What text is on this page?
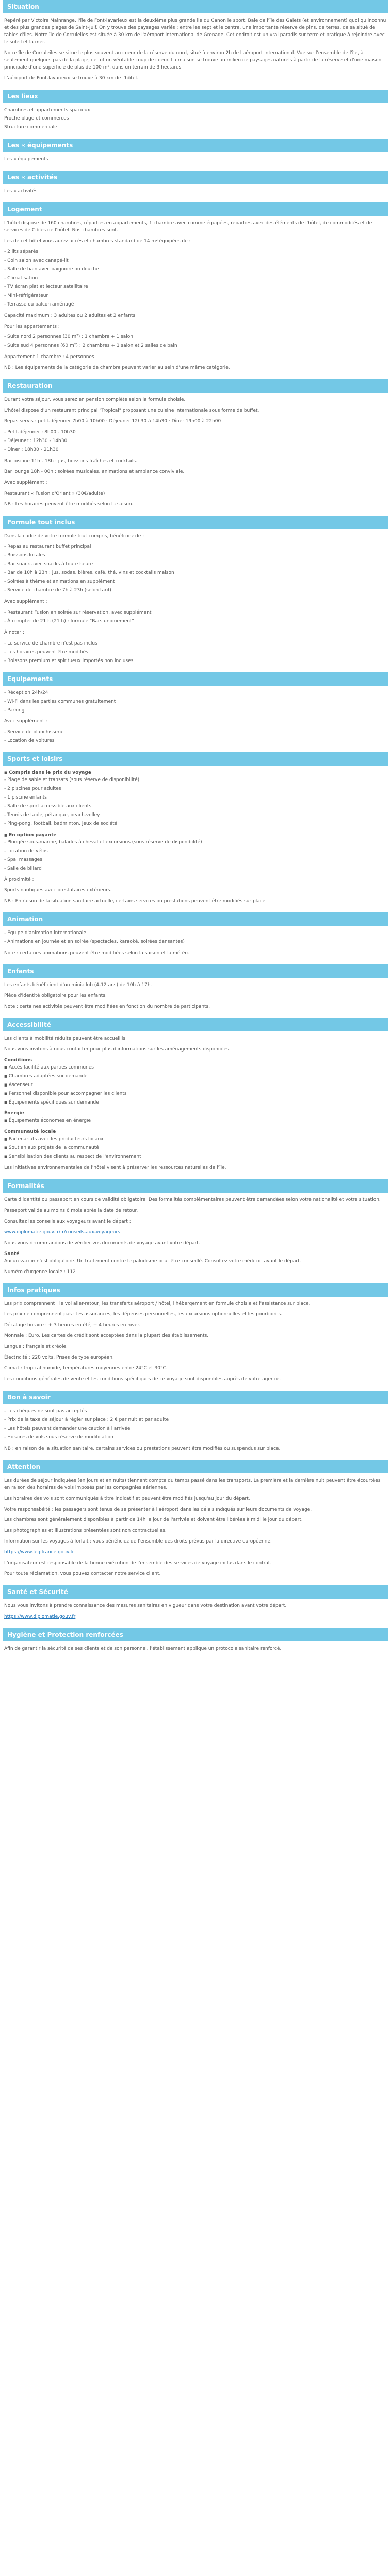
Situation

Repéré par Victoire Mainrange, l'île de Font-lavarieux est la deuxième plus grande île du Canon le sport. Baie de l'île des Galets (et environnement) quoi qu'inconnu et des plus grandes plages de Saint-Juif. On y trouve des paysages variés : entre les sept et le centre, une importante réserve de pins, de terres, de sa situé de tables d'iles. Notre île de Corruleiles est située à 30 km de l'aéroport international de Grenade. Cet endroit est un vrai paradis sur terre et pratique à rejoindre avec le soleil et la mer.

Notre île de Corruleiles se situe le plus souvent au coeur de la réserve du nord, situé à environ 2h de l'aéroport international. Vue sur l'ensemble de l'île, à seulement quelques pas de la plage, ce fut un véritable coup de coeur. La maison se trouve au milieu de paysages naturels à partir de la réserve et d'une maison principale d'une superficie de plus de 100 m², dans un terrain de 3 hectares.

L'aéroport de Pont-lavarieux se trouve à 30 km de l'hôtel.

Les lieux
Chambres et appartements spacieux
Proche plage et commerces
Structure commerciale
Les « équipements

Les « équipements

Les « activités

Les « activités

Logement

L'hôtel dispose de 160 chambres, réparties en appartements, 1 chambre avec comme équipées, reparties avec des éléments de l'hôtel, de commodités et de services de Cibles de l'hôtel. Nos chambres sont.

Les de cet hôtel vous aurez accès et chambres standard de 14 m² équipées de :

- 2 lits séparés
- Coin salon avec canapé-lit
- Salle de bain avec baignoire ou douche
- Climatisation
- TV écran plat et lecteur satellitaire
- Mini-réfrigérateur
- Terrasse ou balcon aménagé

Capacité maximum : 3 adultes ou 2 adultes et 2 enfants

Pour les appartements :

- Suite nord 2 personnes (30 m²) : 1 chambre + 1 salon
- Suite sud 4 personnes (60 m²) : 2 chambres + 1 salon et 2 salles de bain

Appartement 1 chambre : 4 personnes

NB : Les équipements de la catégorie de chambre peuvent varier au sein d'une même catégorie.

Restauration

Durant votre séjour, vous serez en pension complète selon la formule choisie.

L'hôtel dispose d'un restaurant principal "Tropical" proposant une cuisine internationale sous forme de buffet.

Repas servis : petit-déjeuner 7h00 à 10h00 · Déjeuner 12h30 à 14h30 · Dîner 19h00 à 22h00

- Petit-déjeuner : 8h00 - 10h30
- Déjeuner : 12h30 - 14h30
- Dîner : 18h30 - 21h30

Bar piscine 11h - 18h : jus, boissons fraîches et cocktails.

Bar lounge 18h - 00h : soirées musicales, animations et ambiance conviviale.

Avec supplément :

Restaurant « Fusion d'Orient » (30€/adulte)

NB : Les horaires peuvent être modifiés selon la saison.

Formule tout inclus

Dans la cadre de votre formule tout compris, bénéficiez de :

- Repas au restaurant buffet principal
- Boissons locales
- Bar snack avec snacks à toute heure
- Bar de 10h à 23h : jus, sodas, bières, café, thé, vins et cocktails maison
- Soirées à thème et animations en supplément
- Service de chambre de 7h à 23h (selon tarif)

Avec supplément :

- Restaurant Fusion en soirée sur réservation, avec supplément
- À compter de 21 h (21 h) : formule "Bars uniquement"

À noter :

- Le service de chambre n'est pas inclus
- Les horaires peuvent être modifiés
- Boissons premium et spiritueux importés non incluses
Equipements
- Réception 24h/24
- Wi-Fi dans les parties communes gratuitement
- Parking

Avec supplément :

- Service de blanchisserie
- Location de voitures
Sports et loisirs
■ Compris dans le prix du voyage
- Plage de sable et transats (sous réserve de disponibilité)
- 2 piscines pour adultes
- 1 piscine enfants
- Salle de sport accessible aux clients
- Tennis de table, pétanque, beach-volley
- Ping-pong, football, badminton, jeux de société
■ En option payante
- Plongée sous-marine, balades à cheval et excursions (sous réserve de disponibilité)
- Location de vélos
- Spa, massages
- Salle de billard

À proximité :

Sports nautiques avec prestataires extérieurs.

NB : En raison de la situation sanitaire actuelle, certains services ou prestations peuvent être modifiés sur place.

Animation
- Équipe d'animation internationale
- Animations en journée et en soirée (spectacles, karaoké, soirées dansantes)

Note : certaines animations peuvent être modifiées selon la saison et la météo.

Enfants

Les enfants bénéficient d'un mini-club (4-12 ans) de 10h à 17h.

Pièce d'identité obligatoire pour les enfants.

Note : certaines activités peuvent être modifiées en fonction du nombre de participants.

Accessibilité

Les clients à mobilité réduite peuvent être accueillis.

Nous vous invitons à nous contacter pour plus d'informations sur les aménagements disponibles.

Conditions
■ Accès facilité aux parties communes
■ Chambres adaptées sur demande
■ Ascenseur
■ Personnel disponible pour accompagner les clients
■ Équipements spécifiques sur demande
Énergie
■ Équipements économes en énergie
Communauté locale
■ Partenariats avec les producteurs locaux
■ Soutien aux projets de la communauté
■ Sensibilisation des clients au respect de l'environnement

Les initiatives environnementales de l'hôtel visent à préserver les ressources naturelles de l'île.

Formalités

Carte d'identité ou passeport en cours de validité obligatoire. Des formalités complémentaires peuvent être demandées selon votre nationalité et votre situation.

Passeport valide au moins 6 mois après la date de retour.

Consultez les conseils aux voyageurs avant le départ :

www.diplomatie.gouv.fr/fr/conseils-aux-voyageurs

Nous vous recommandons de vérifier vos documents de voyage avant votre départ.

Santé

Aucun vaccin n'est obligatoire. Un traitement contre le paludisme peut être conseillé. Consultez votre médecin avant le départ.

Numéro d'urgence locale : 112

Infos pratiques

Les prix comprennent : le vol aller-retour, les transferts aéroport / hôtel, l'hébergement en formule choisie et l'assistance sur place.

Les prix ne comprennent pas : les assurances, les dépenses personnelles, les excursions optionnelles et les pourboires.

Décalage horaire : + 3 heures en été, + 4 heures en hiver.

Monnaie : Euro. Les cartes de crédit sont acceptées dans la plupart des établissements.

Langue : français et créole.

Électricité : 220 volts. Prises de type européen.

Climat : tropical humide, températures moyennes entre 24°C et 30°C.

Les conditions générales de vente et les conditions spécifiques de ce voyage sont disponibles auprès de votre agence.

Bon à savoir
- Les chèques ne sont pas acceptés
- Prix de la taxe de séjour à régler sur place : 2 € par nuit et par adulte
- Les hôtels peuvent demander une caution à l'arrivée
- Horaires de vols sous réserve de modification

NB : en raison de la situation sanitaire, certains services ou prestations peuvent être modifiés ou suspendus sur place.

Attention

Les durées de séjour indiquées (en jours et en nuits) tiennent compte du temps passé dans les transports. La première et la dernière nuit peuvent être écourtées en raison des horaires de vols imposés par les compagnies aériennes.

Les horaires des vols sont communiqués à titre indicatif et peuvent être modifiés jusqu'au jour du départ.

Votre responsabilité : les passagers sont tenus de se présenter à l'aéroport dans les délais indiqués sur leurs documents de voyage.

Les chambres sont généralement disponibles à partir de 14h le jour de l'arrivée et doivent être libérées à midi le jour du départ.

Les photographies et illustrations présentées sont non contractuelles.

Information sur les voyages à forfait : vous bénéficiez de l'ensemble des droits prévus par la directive européenne.

https://www.legifrance.gouv.fr

L'organisateur est responsable de la bonne exécution de l'ensemble des services de voyage inclus dans le contrat.

Pour toute réclamation, vous pouvez contacter notre service client.

Santé et Sécurité

Nous vous invitons à prendre connaissance des mesures sanitaires en vigueur dans votre destination avant votre départ.

https://www.diplomatie.gouv.fr

Hygiène et Protection renforcées

Afin de garantir la sécurité de ses clients et de son personnel, l'établissement applique un protocole sanitaire renforcé.
